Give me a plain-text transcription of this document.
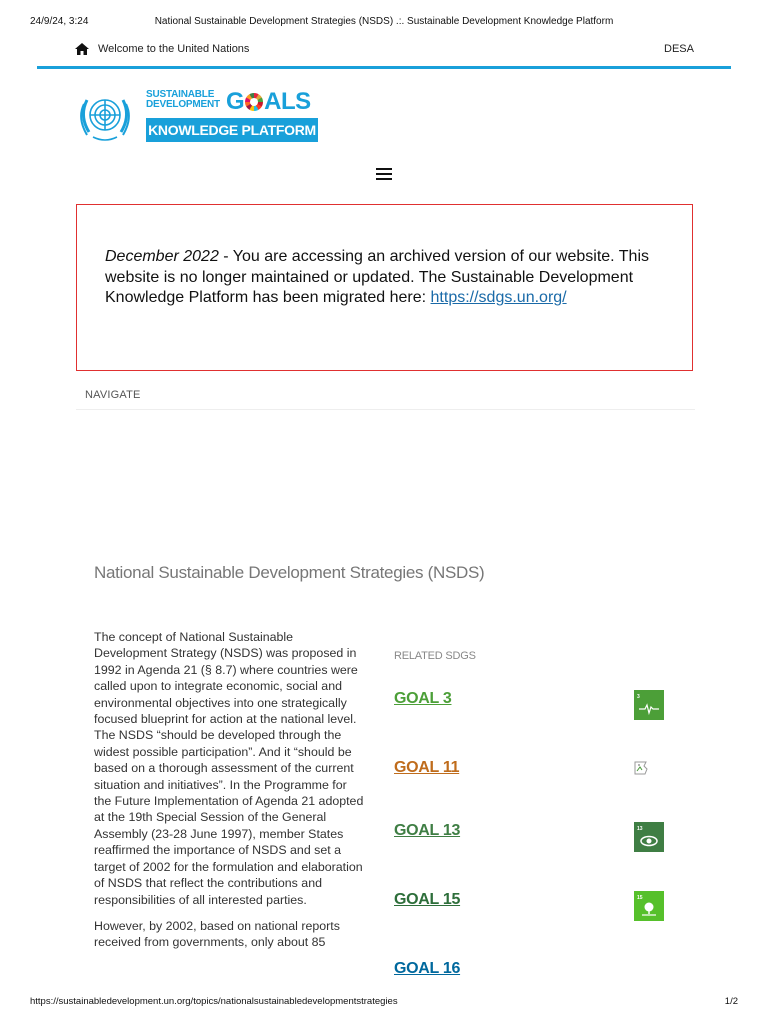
24/9/24, 3:24	National Sustainable Development Strategies (NSDS) .:. Sustainable Development Knowledge Platform
Welcome to the United Nations	DESA
SUSTAINABLE
DEVELOPMENT G ALS
KNOWLEDGE PLATFORM
December 2022 - You are accessing an archived version of our website. This website is no longer maintained or updated. The Sustainable Development Knowledge Platform has been migrated here: https://sdgs.un.org/
NAVIGATE
National Sustainable Development Strategies (NSDS)

The concept of National Sustainable Development Strategy (NSDS) was proposed in 1992 in Agenda 21 (§ 8.7) where countries were called upon to integrate economic, social and environmental objectives into one strategically focused blueprint for action at the national level. The NSDS “should be developed through the widest possible participation”. And it “should be based on a thorough assessment of the current situation and initiatives”. In the Programme for the Future Implementation of Agenda 21 adopted at the 19th Special Session of the General Assembly (23-28 June 1997), member States reaffirmed the importance of NSDS and set a target of 2002 for the formulation and elaboration of NSDS that reflect the contributions and responsibilities of all interested parties.

However, by 2002, based on national reports received from governments, only about 85

RELATED SDGS
GOAL 3	3
GOAL 11
GOAL 13	13
GOAL 15	15
GOAL 16
https://sustainabledevelopment.un.org/topics/nationalsustainabledevelopmentstrategies	1/2
